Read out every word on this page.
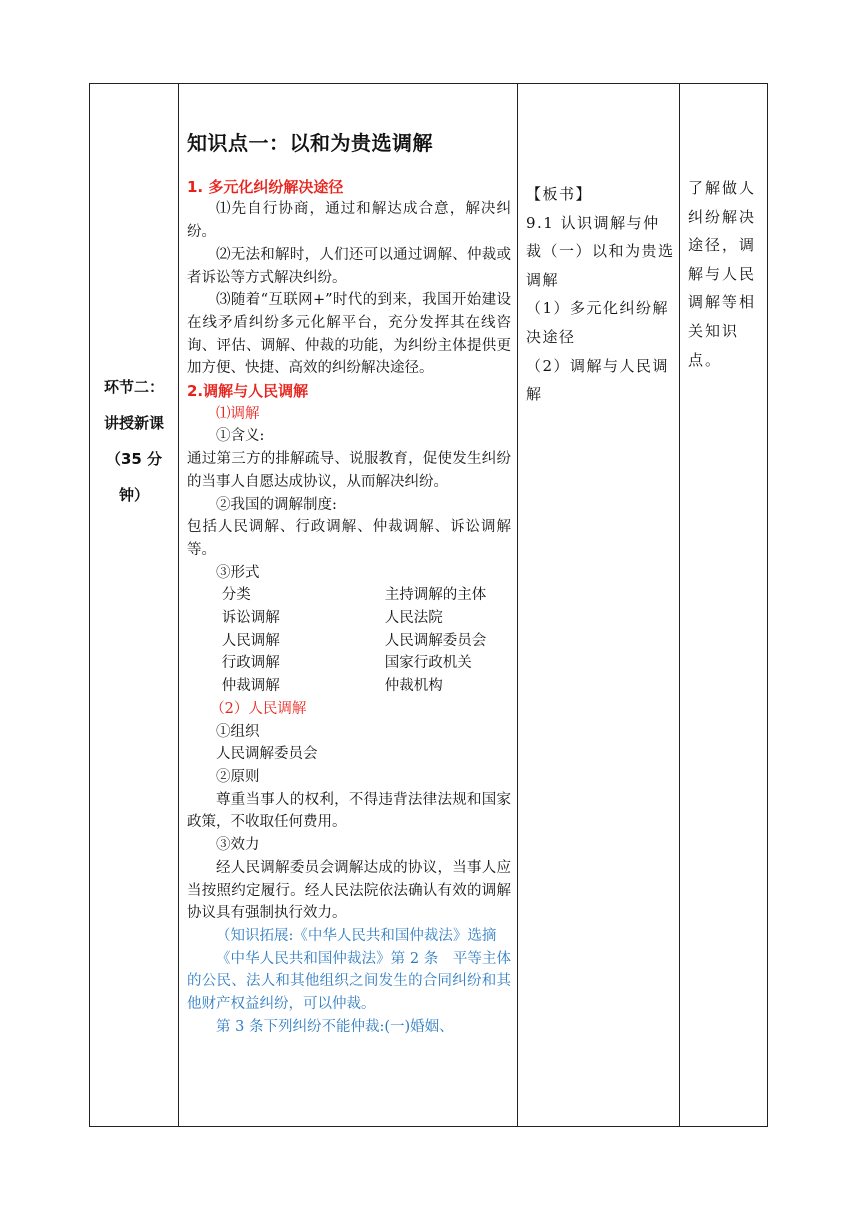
环节二：
讲授新课
（35 分
钟）

知识点一：以和为贵选调解
1. 多元化纠纷解决途径

⑴先自行协商，通过和解达成合意，解决纠纷。

⑵无法和解时，人们还可以通过调解、仲裁或者诉讼等方式解决纠纷。

⑶随着“互联网+”时代的到来，我国开始建设在线矛盾纠纷多元化解平台，充分发挥其在线咨询、评估、调解、仲裁的功能，为纠纷主体提供更加方便、快捷、高效的纠纷解决途径。

2.调解与人民调解

⑴调解

①含义:

通过第三方的排解疏导、说服教育，促使发生纠纷的当事人自愿达成协议，从而解决纠纷。

②我国的调解制度:

包括人民调解、行政调解、仲裁调解、诉讼调解等。

③形式

分类	主持调解的主体
诉讼调解	人民法院
人民调解	人民调解委员会
行政调解	国家行政机关
仲裁调解	仲裁机构

（2）人民调解

①组织

人民调解委员会

②原则

尊重当事人的权利，不得违背法律法规和国家政策，不收取任何费用。

③效力

经人民调解委员会调解达成的协议，当事人应当按照约定履行。经人民法院依法确认有效的调解协议具有强制执行效力。

（知识拓展:《中华人民共和国仲裁法》选摘

《中华人民共和国仲裁法》第 2 条　平等主体的公民、法人和其他组织之间发生的合同纠纷和其他财产权益纠纷，可以仲裁。

第 3 条下列纠纷不能仲裁:(一)婚姻、

【板书】
9.1 认识调解与仲裁（一）以和为贵选调解
（1）多元化纠纷解决途径
（2）调解与人民调解

了解做人纠纷解决途径，调解与人民调解等相关知识点。
